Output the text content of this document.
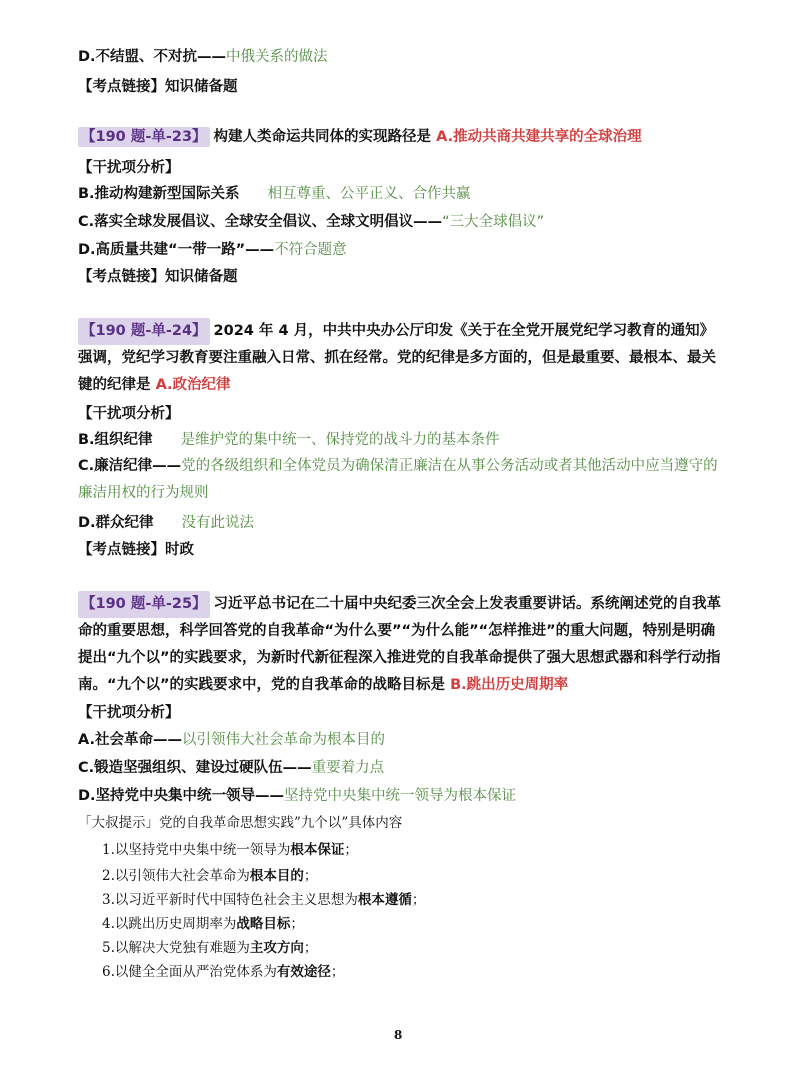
D.不结盟、不对抗——中俄关系的做法
【考点链接】知识储备题
【190 题-单-23】 构建人类命运共同体的实现路径是 A.推动共商共建共享的全球治理
【干扰项分析】
B.推动构建新型国际关系 相互尊重、公平正义、合作共赢
C.落实全球发展倡议、全球安全倡议、全球文明倡议——“三大全球倡议”
D.高质量共建“一带一路”——不符合题意
【考点链接】知识储备题
【190 题-单-24】 2024 年 4 月，中共中央办公厅印发《关于在全党开展党纪学习教育的通知》强调，党纪学习教育要注重融入日常、抓在经常。党的纪律是多方面的，但是最重要、最根本、最关键的纪律是 A.政治纪律
【干扰项分析】
B.组织纪律 是维护党的集中统一、保持党的战斗力的基本条件
C.廉洁纪律——党的各级组织和全体党员为确保清正廉洁在从事公务活动或者其他活动中应当遵守的廉洁用权的行为规则
D.群众纪律 没有此说法
【考点链接】时政
【190 题-单-25】 习近平总书记在二十届中央纪委三次全会上发表重要讲话。系统阐述党的自我革命的重要思想，科学回答党的自我革命“为什么要”“为什么能”“怎样推进”的重大问题，特别是明确提出“九个以”的实践要求，为新时代新征程深入推进党的自我革命提供了强大思想武器和科学行动指南。“九个以”的实践要求中，党的自我革命的战略目标是 B.跳出历史周期率
【干扰项分析】
A.社会革命——以引领伟大社会革命为根本目的
C.锻造坚强组织、建设过硬队伍——重要着力点
D.坚持党中央集中统一领导——坚持党中央集中统一领导为根本保证
「大叔提示」党的自我革命思想实践”九个以”具体内容
1.以坚持党中央集中统一领导为根本保证；
2.以引领伟大社会革命为根本目的；
3.以习近平新时代中国特色社会主义思想为根本遵循；
4.以跳出历史周期率为战略目标；
5.以解决大党独有难题为主攻方向；
6.以健全全面从严治党体系为有效途径；
8
